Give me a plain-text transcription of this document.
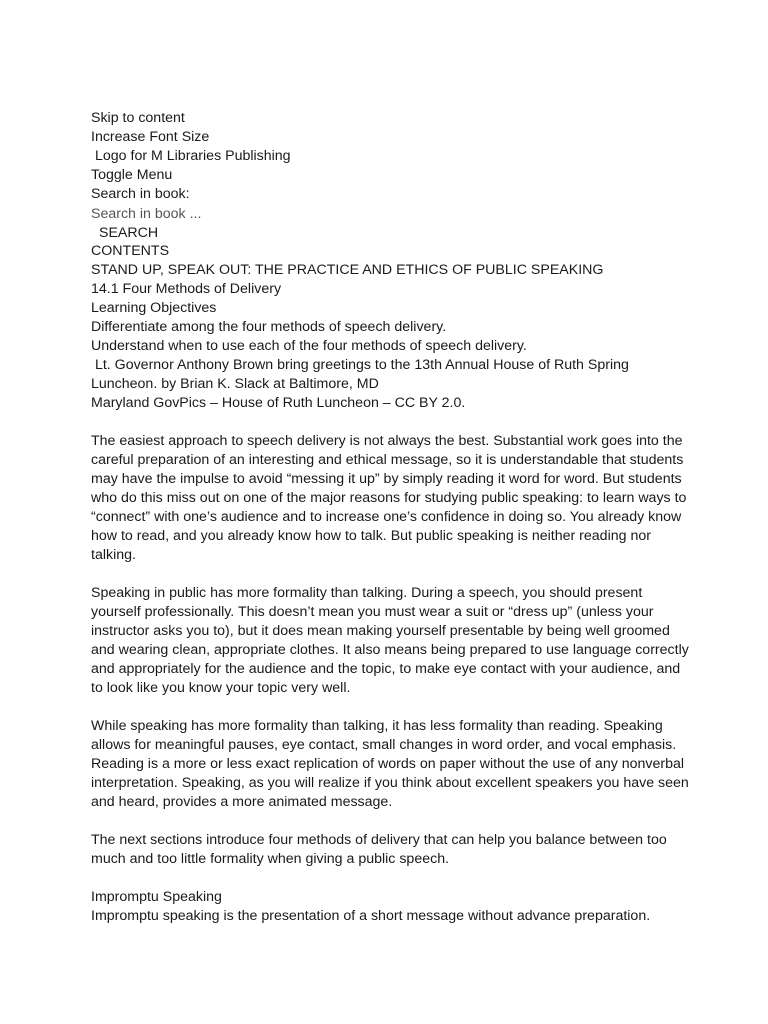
Skip to content
Increase Font Size
Logo for M Libraries Publishing
Toggle Menu
Search in book:
Search in book ...
SEARCH
CONTENTS
STAND UP, SPEAK OUT: THE PRACTICE AND ETHICS OF PUBLIC SPEAKING
14.1 Four Methods of Delivery
Learning Objectives
Differentiate among the four methods of speech delivery.
Understand when to use each of the four methods of speech delivery.
Lt. Governor Anthony Brown bring greetings to the 13th Annual House of Ruth Spring
Luncheon. by Brian K. Slack at Baltimore, MD
Maryland GovPics – House of Ruth Luncheon – CC BY 2.0.
The easiest approach to speech delivery is not always the best. Substantial work goes into the
careful preparation of an interesting and ethical message, so it is understandable that students
may have the impulse to avoid “messing it up” by simply reading it word for word. But students
who do this miss out on one of the major reasons for studying public speaking: to learn ways to
“connect” with one’s audience and to increase one’s confidence in doing so. You already know
how to read, and you already know how to talk. But public speaking is neither reading nor
talking.
Speaking in public has more formality than talking. During a speech, you should present
yourself professionally. This doesn’t mean you must wear a suit or “dress up” (unless your
instructor asks you to), but it does mean making yourself presentable by being well groomed
and wearing clean, appropriate clothes. It also means being prepared to use language correctly
and appropriately for the audience and the topic, to make eye contact with your audience, and
to look like you know your topic very well.
While speaking has more formality than talking, it has less formality than reading. Speaking
allows for meaningful pauses, eye contact, small changes in word order, and vocal emphasis.
Reading is a more or less exact replication of words on paper without the use of any nonverbal
interpretation. Speaking, as you will realize if you think about excellent speakers you have seen
and heard, provides a more animated message.
The next sections introduce four methods of delivery that can help you balance between too
much and too little formality when giving a public speech.
Impromptu Speaking
Impromptu speaking is the presentation of a short message without advance preparation.
